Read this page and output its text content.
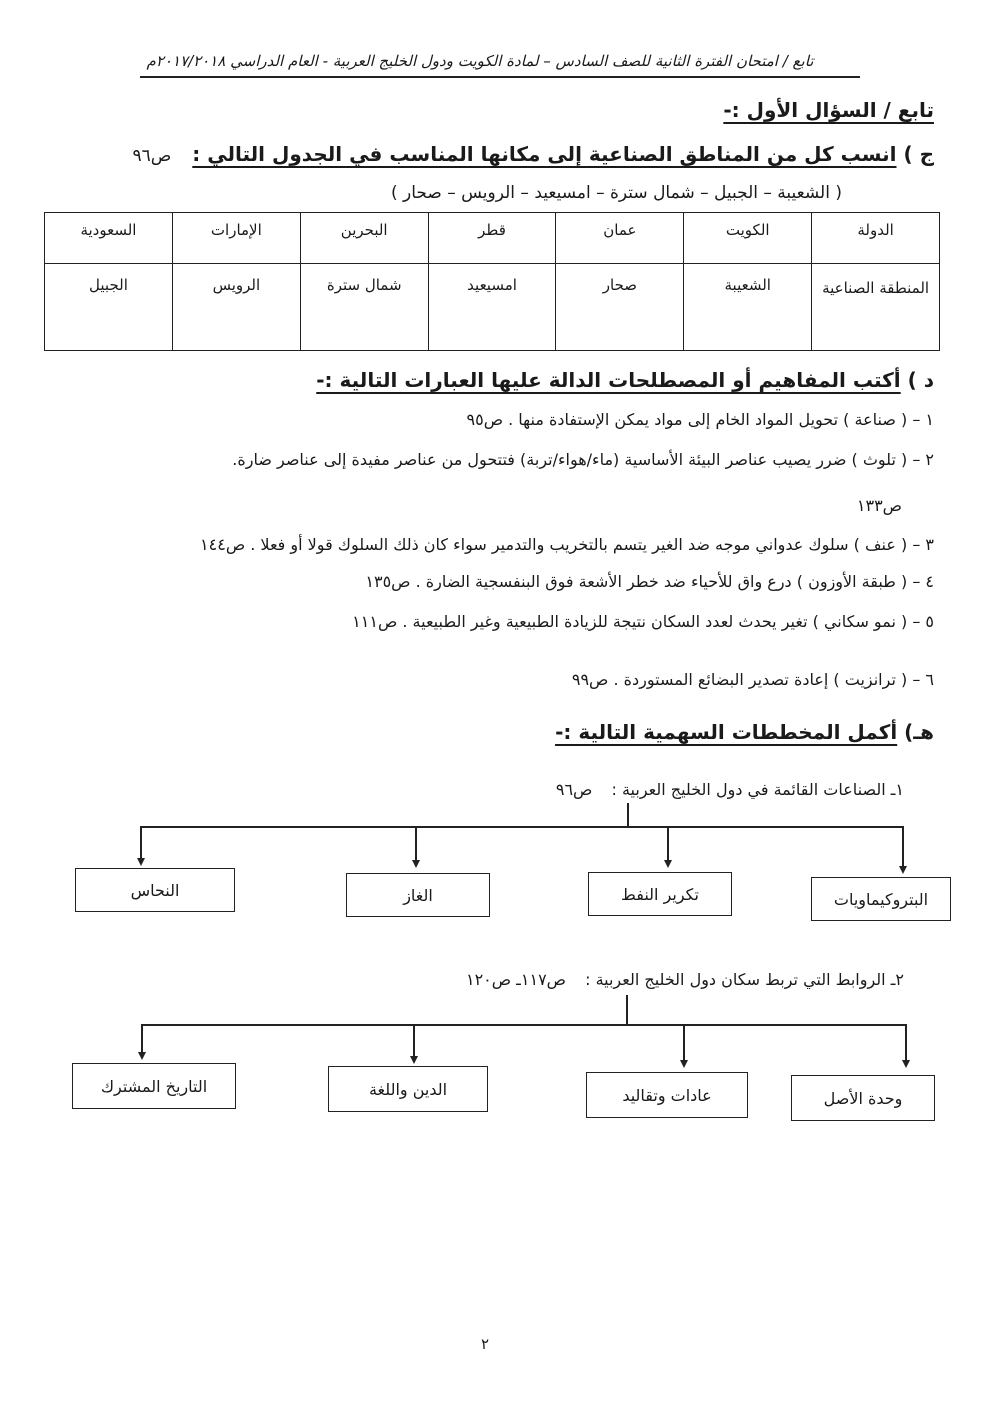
تابع / امتحان الفترة الثانية للصف السادس – لمادة الكويت ودول الخليج العربية - العام الدراسي ٢٠١٧/٢٠١٨م
تابع / السؤال الأول :-
ج ) انسب كل من المناطق الصناعية إلى مكانها المناسب في الجدول التالي : ص٩٦
( الشعيبة – الجبيل – شمال سترة – امسيعيد – الرويس – صحار )
الدولة	الكويت	عمان	قطر	البحرين	الإمارات	السعودية
المنطقة الصناعية	الشعيبة	صحار	امسيعيد	شمال سترة	الرويس	الجبيل
د ) أكتب المفاهيم أو المصطلحات الدالة عليها العبارات التالية :-
١ – ( صناعة ) تحويل المواد الخام إلى مواد يمكن الإستفادة منها . ص٩٥
٢ – ( تلوث ) ضرر يصيب عناصر البيئة الأساسية (ماء/هواء/تربة) فتتحول من عناصر مفيدة إلى عناصر ضارة.
ص١٣٣
٣ – ( عنف ) سلوك عدواني موجه ضد الغير يتسم بالتخريب والتدمير سواء كان ذلك السلوك قولا أو فعلا . ص١٤٤
٤ – ( طبقة الأوزون ) درع واق للأحياء ضد خطر الأشعة فوق البنفسجية الضارة . ص١٣٥
٥ – ( نمو سكاني ) تغير يحدث لعدد السكان نتيجة للزيادة الطبيعية وغير الطبيعية . ص١١١
٦ – ( ترانزيت ) إعادة تصدير البضائع المستوردة . ص٩٩
هـ) أكمل المخططات السهمية التالية :-
١ـ الصناعات القائمة في دول الخليج العربية : ص٩٦
البتروكيماويات
تكرير النفط
الغاز
النحاس
٢ـ الروابط التي تربط سكان دول الخليج العربية : ص١١٧ـ ص١٢٠
وحدة الأصل
عادات وتقاليد
الدين واللغة
التاريخ المشترك
٢
